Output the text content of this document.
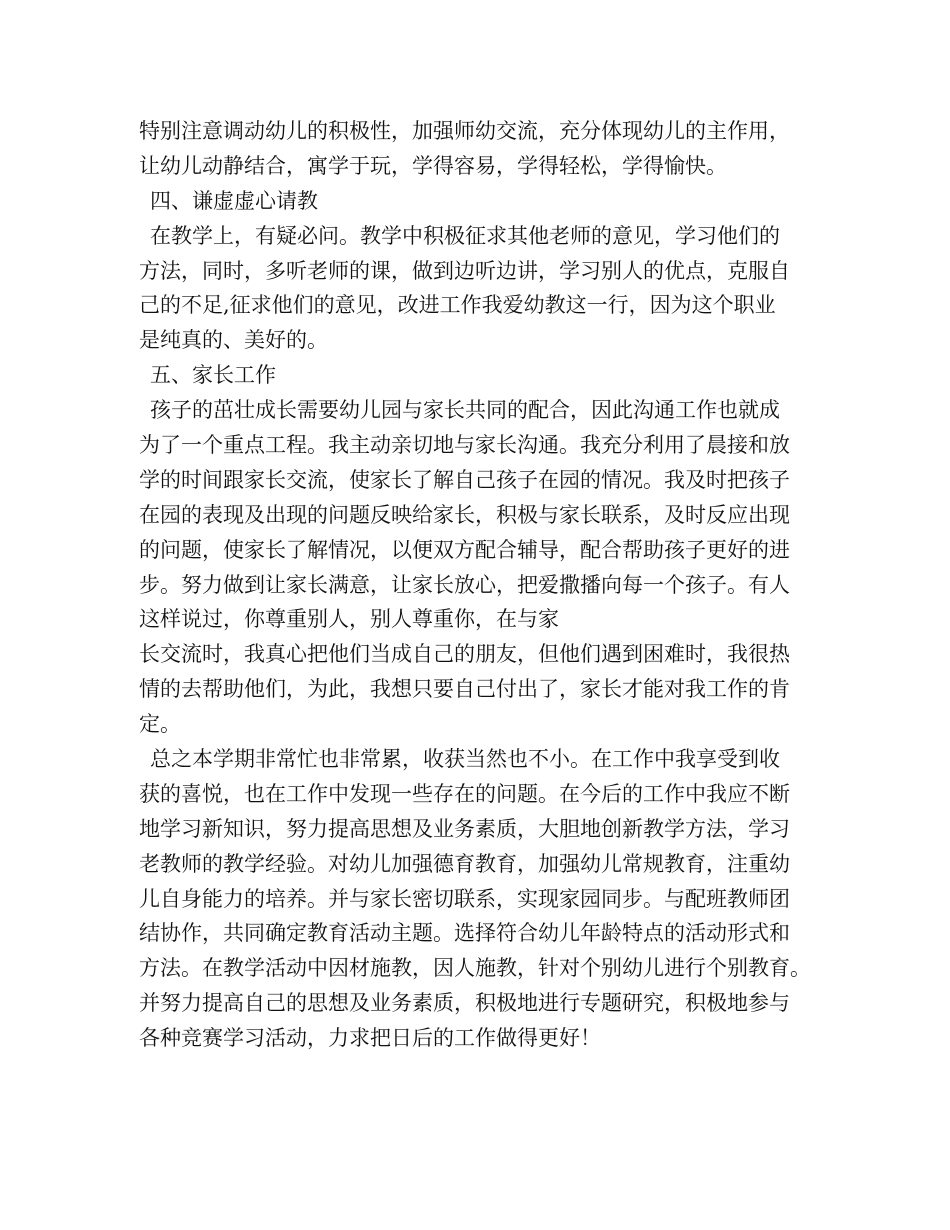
特别注意调动幼儿的积极性，加强师幼交流，充分体现幼儿的主作用，
让幼儿动静结合，寓学于玩，学得容易，学得轻松，学得愉快。
四、谦虚虚心请教
在教学上，有疑必问。教学中积极征求其他老师的意见，学习他们的
方法，同时，多听老师的课，做到边听边讲，学习别人的优点，克服自
己的不足,征求他们的意见，改进工作我爱幼教这一行，因为这个职业
是纯真的、美好的。
五、家长工作
孩子的茁壮成长需要幼儿园与家长共同的配合，因此沟通工作也就成
为了一个重点工程。我主动亲切地与家长沟通。我充分利用了晨接和放
学的时间跟家长交流，使家长了解自己孩子在园的情况。我及时把孩子
在园的表现及出现的问题反映给家长，积极与家长联系，及时反应出现
的问题，使家长了解情况，以便双方配合辅导，配合帮助孩子更好的进
步。努力做到让家长满意，让家长放心，把爱撒播向每一个孩子。有人
这样说过，你尊重别人，别人尊重你，在与家
长交流时，我真心把他们当成自己的朋友，但他们遇到困难时，我很热
情的去帮助他们，为此，我想只要自己付出了，家长才能对我工作的肯
定。
总之本学期非常忙也非常累，收获当然也不小。在工作中我享受到收
获的喜悦，也在工作中发现一些存在的问题。在今后的工作中我应不断
地学习新知识，努力提高思想及业务素质，大胆地创新教学方法，学习
老教师的教学经验。对幼儿加强德育教育，加强幼儿常规教育，注重幼
儿自身能力的培养。并与家长密切联系，实现家园同步。与配班教师团
结协作，共同确定教育活动主题。选择符合幼儿年龄特点的活动形式和
方法。在教学活动中因材施教，因人施教，针对个别幼儿进行个别教育。
并努力提高自己的思想及业务素质，积极地进行专题研究，积极地参与
各种竞赛学习活动，力求把日后的工作做得更好！
